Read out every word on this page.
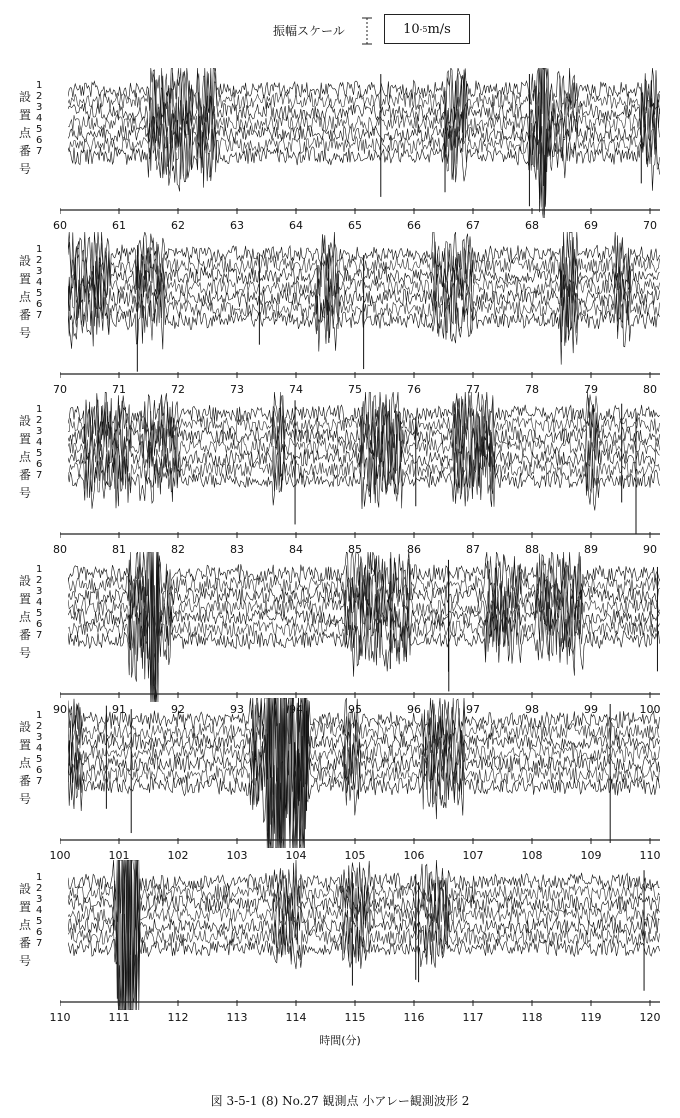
振幅スケール	10 -5 m/s
設
置
点
番
号
1
2
3
4
5
6
7
60	61	62	63	64	65	66	67	68	69	70
設
置
点
番
号
1
2
3
4
5
6
7
70	71	72	73	74	75	76	77	78	79	80
設
置
点
番
号
1
2
3
4
5
6
7
80	81	82	83	84	85	86	87	88	89	90
設
置
点
番
号
1
2
3
4
5
6
7
90	91	92	93	94	95	96	97	98	99	100
設
置
点
番
号
1
2
3
4
5
6
7
100	101	102	103	104	105	106	107	108	109	110
設
置
点
番
号
1
2
3
4
5
6
7
110	111	112	113	114	115	116	117	118	119	120
時間(分)
図 3-5-1 (8) No.27 観測点 小アレー観測波形 2
